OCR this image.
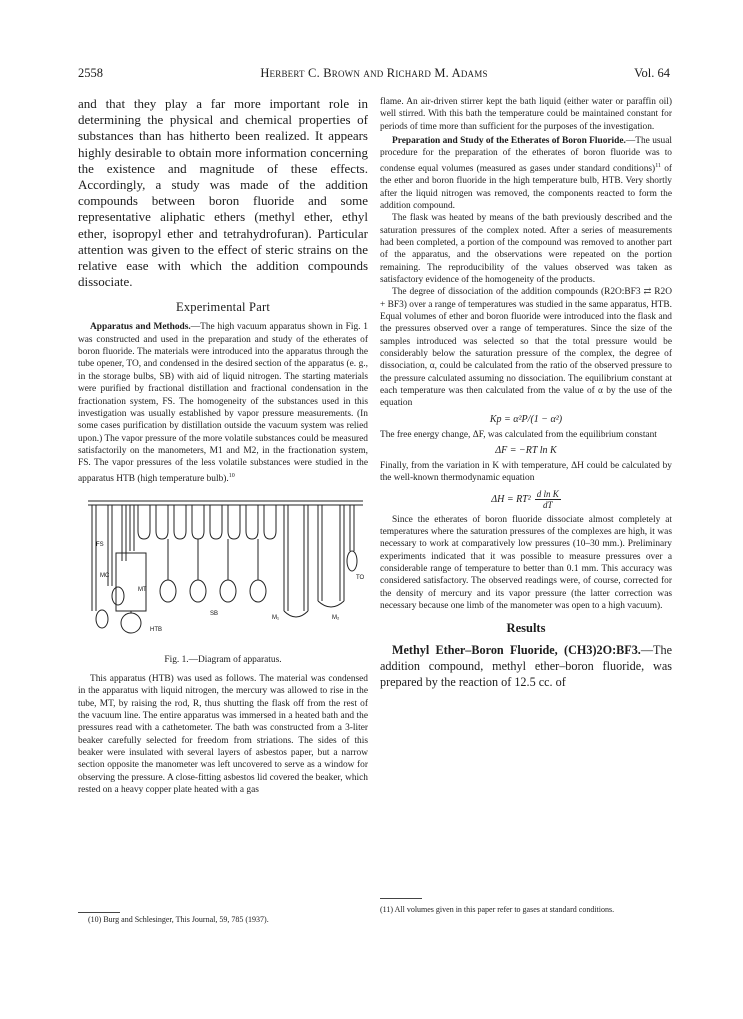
2558	Herbert C. Brown and Richard M. Adams	Vol. 64

and that they play a far more important role in determining the physical and chemical properties of substances than has hitherto been realized. It appears highly desirable to obtain more information concerning the existence and magnitude of these effects. Accordingly, a study was made of the addition compounds between boron fluoride and some representative aliphatic ethers (methyl ether, ethyl ether, isopropyl ether and tetrahydrofuran). Particular attention was given to the effect of steric strains on the relative ease with which the addition compounds dissociate.

Experimental Part

Apparatus and Methods.—The high vacuum apparatus shown in Fig. 1 was constructed and used in the preparation and study of the etherates of boron fluoride. The materials were introduced into the apparatus through the tube opener, TO, and condensed in the desired section of the apparatus (e. g., in the storage bulbs, SB) with aid of liquid nitrogen. The starting materials were purified by fractional distillation and fractional condensation in the fractionation system, FS. The homogeneity of the substances used in this investigation was usually established by vapor pressure measurements. (In some cases purification by distillation outside the vacuum system was relied upon.) The vapor pressure of the more volatile substances could be measured satisfactorily on the manometers, M1 and M2, in the fractionation system, FS. The vapor pressures of the less volatile substances were studied in the apparatus HTB (high temperature bulb).$^{10}$

FS
MC
MT
HTB
SB
M₁	M₂
TO
Fig. 1.—Diagram of apparatus.

This apparatus (HTB) was used as follows. The material was condensed in the apparatus with liquid nitrogen, the mercury was allowed to rise in the tube, MT, by raising the rod, R, thus shutting the flask off from the rest of the vacuum line. The entire apparatus was immersed in a heated bath and the pressures read with a cathetometer. The bath was constructed from a 3-liter beaker carefully selected for freedom from striations. The sides of this beaker were insulated with several layers of asbestos paper, but a narrow section opposite the manometer was left uncovered to serve as a window for observing the pressure. A close-fitting asbestos lid covered the beaker, which rested on a heavy copper plate heated with a gas

(10) Burg and Schlesinger, This Journal, 59, 785 (1937).

flame. An air-driven stirrer kept the bath liquid (either water or paraffin oil) well stirred. With this bath the temperature could be maintained constant for periods of time more than sufficient for the purposes of the investigation.

Preparation and Study of the Etherates of Boron Fluoride.—The usual procedure for the preparation of the etherates of boron fluoride was to condense equal volumes (measured as gases under standard conditions)$^{11}$ of the ether and boron fluoride in the high temperature bulb, HTB. Very shortly after the liquid nitrogen was removed, the components reacted to form the addition compound.

The flask was heated by means of the bath previously described and the saturation pressures of the complex noted. After a series of measurements had been completed, a portion of the compound was removed to another part of the apparatus, and the observations were repeated on the portion remaining. The reproducibility of the values observed was taken as satisfactory evidence of the homogeneity of the products.

The degree of dissociation of the addition compounds (R2O:BF3 ⇄ R2O + BF3) over a range of temperatures was studied in the same apparatus, HTB. Equal volumes of ether and boron fluoride were introduced into the flask and the pressures observed over a range of temperatures. Since the size of the samples introduced was selected so that the total pressure would be considerably below the saturation pressure of the complex, the degree of dissociation, α, could be calculated from the ratio of the observed pressure to the pressure calculated assuming no dissociation. The equilibrium constant at each temperature was then calculated from the value of α by the use of the equation

Kp = α²P/(1 − α²)

The free energy change, ΔF, was calculated from the equilibrium constant

ΔF = −RT ln K

Finally, from the variation in K with temperature, ΔH could be calculated by the well-known thermodynamic equation

$\Delta H = RT^2 \frac{\text{d ln K}}{dT}$

Since the etherates of boron fluoride dissociate almost completely at temperatures where the saturation pressures of the complexes are high, it was necessary to work at comparatively low pressures (10–30 mm.). Preliminary experiments indicated that it was possible to measure pressures over a considerable range of temperature to better than 0.1 mm. This accuracy was considered satisfactory. The observed readings were, of course, corrected for the density of mercury and its vapor pressure (the latter correction was necessary because one limb of the manometer was open to a high vacuum).

Results

Methyl Ether–Boron Fluoride, (CH3)2O:BF3.—The addition compound, methyl ether–boron fluoride, was prepared by the reaction of 12.5 cc. of

(11) All volumes given in this paper refer to gases at standard conditions.
